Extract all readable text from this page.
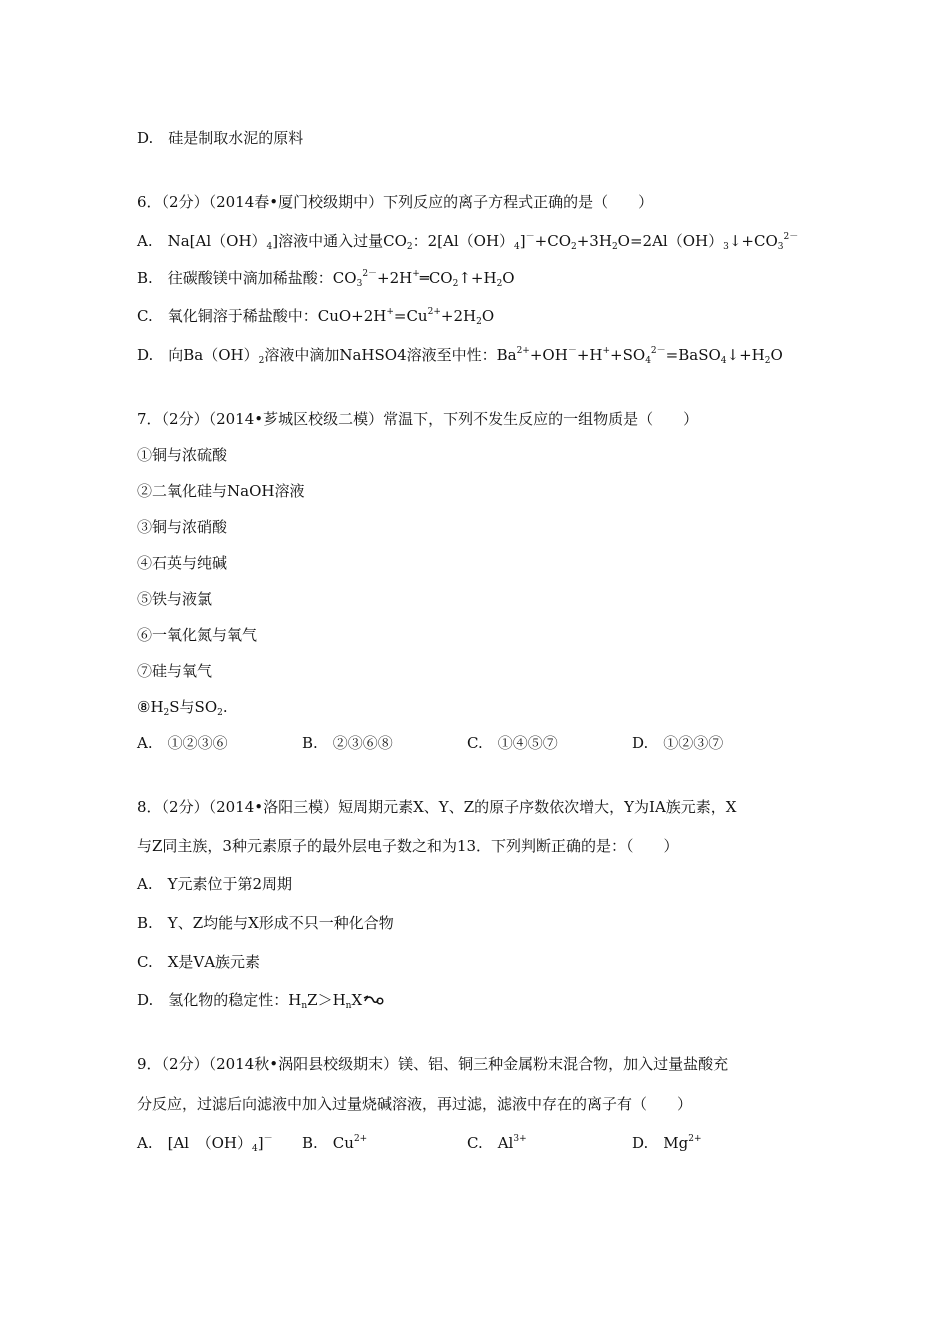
D.　硅是制取水泥的原料
6．（2分）（2014春•厦门校级期中）下列反应的离子方程式正确的是（　　）
A.　$Na[Al(OH)_4]$溶液中通入过量$CO_2$：$2[Al(OH)_4]^-+CO_2+3H_2O=2Al(OH)_3↓+CO_3^{2-}$
B.　往碳酸镁中滴加稀盐酸：$CO_3^{2-}+2H^+═CO_2↑+H_2O$
C.　氧化铜溶于稀盐酸中：$CuO+2H^+=Cu^{2+}+2H_2O$
D.　向$Ba(OH)_2$溶液中滴加NaHSO4溶液至中性：$Ba^{2+}+OH^-+H^++SO_4^{2-}=BaSO_4↓+H_2O$
7．（2分）（2014•芗城区校级二模）常温下，下列不发生反应的一组物质是（　　）
①铜与浓硫酸
②二氧化硅与NaOH溶液
③铜与浓硝酸
④石英与纯碱
⑤铁与液氯
⑥一氧化氮与氧气
⑦硅与氧气
$⑧H_2S$与$SO_2$.
A.　①②③⑥	B.　②③⑥⑧	C.　①④⑤⑦	D.　①②③⑦
8．（2分）（2014•洛阳三模）短周期元素X、Y、Z的原子序数依次增大，Y为IA族元素，X
与Z同主族，3种元素原子的最外层电子数之和为13．下列判断正确的是：（　　）
A.　Y元素位于第2周期
B.　Y、Z均能与X形成不只一种化合物
C.　X是ⅤA族元素
D.　氢化物的稳定性：$H_nZ>H_nX$
9．（2分）（2014秋•涡阳县校级期末）镁、铝、铜三种金属粉末混合物，加入过量盐酸充
分反应，过滤后向滤液中加入过量烧碱溶液，再过滤，滤液中存在的离子有（　　）
A.　[Al　$(OH)_4]^-$ B.　$Cu^{2+}$	C.　$Al^{3+}$	D.　$Mg^{2+}$
